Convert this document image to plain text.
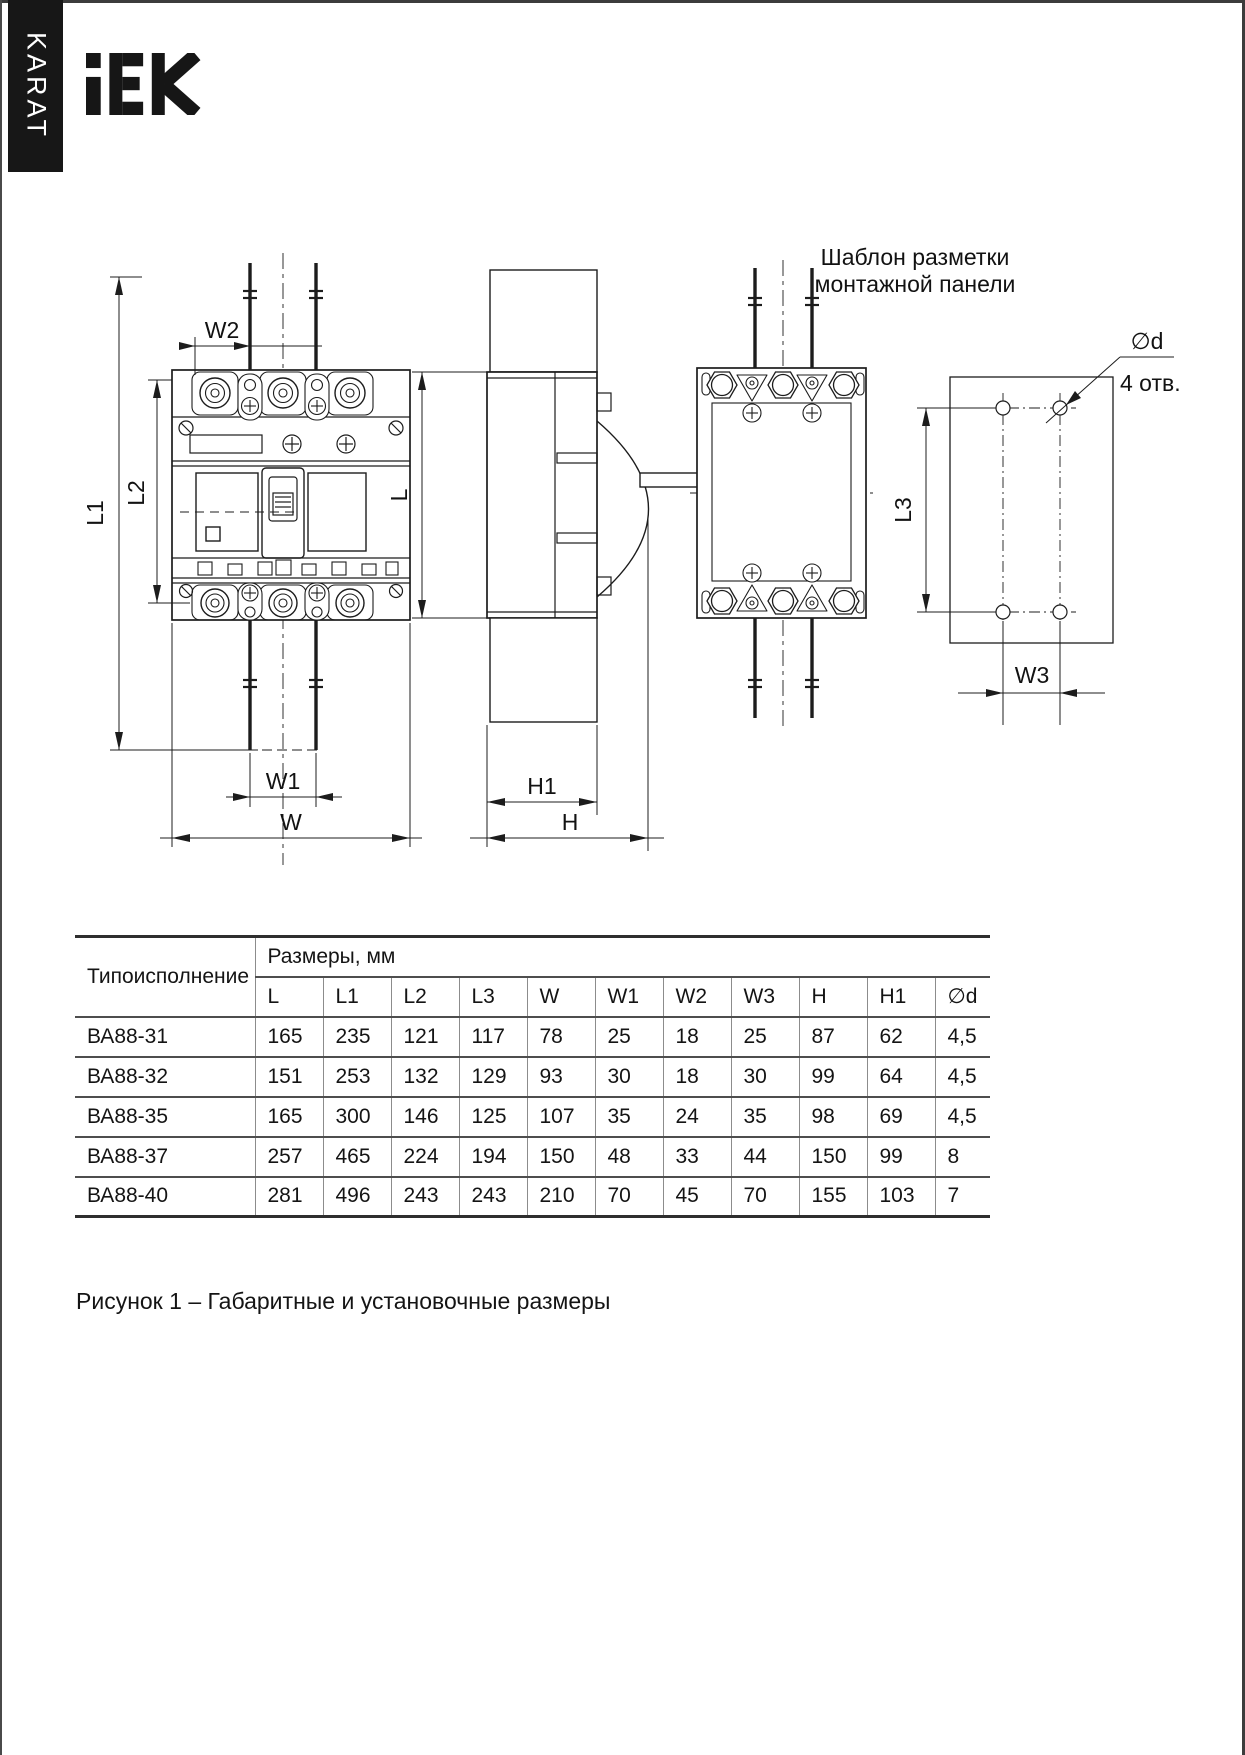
KARAT
W2
L1
L2
W1
W
L
H1
H
Шаблон разметки
монтажной панели
∅d
4 отв.
L3
W3
Типоисполнение	Размеры, мм										
	L	L1	L2	L3	W	W1	W2	W3	H	H1	∅d
ВА88-31	165	235	121	117	78	25	18	25	87	62	4,5
ВА88-32	151	253	132	129	93	30	18	30	99	64	4,5
ВА88-35	165	300	146	125	107	35	24	35	98	69	4,5
ВА88-37	257	465	224	194	150	48	33	44	150	99	8
ВА88-40	281	496	243	243	210	70	45	70	155	103	7
Рисунок 1 – Габаритные и установочные размеры
